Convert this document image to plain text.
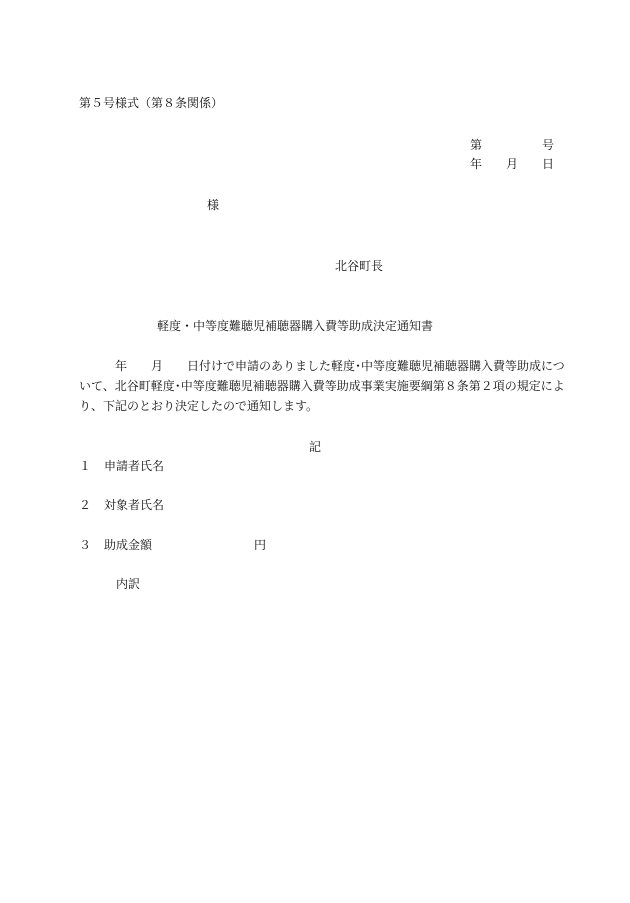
第５号様式（第８条関係）
第　　　　　号
年　　月　　日
様
北谷町長
軽度・中等度難聴児補聴器購入費等助成決定通知書
年　　月　　日付けで申請のありました軽度･中等度難聴児補聴器購入費等助成につ
いて、北谷町軽度･中等度難聴児補聴器購入費等助成事業実施要綱第８条第２項の規定によ
り、下記のとおり決定したので通知します。
記
１ 申請者氏名
２ 対象者氏名
３ 助成金額	円
内訳
